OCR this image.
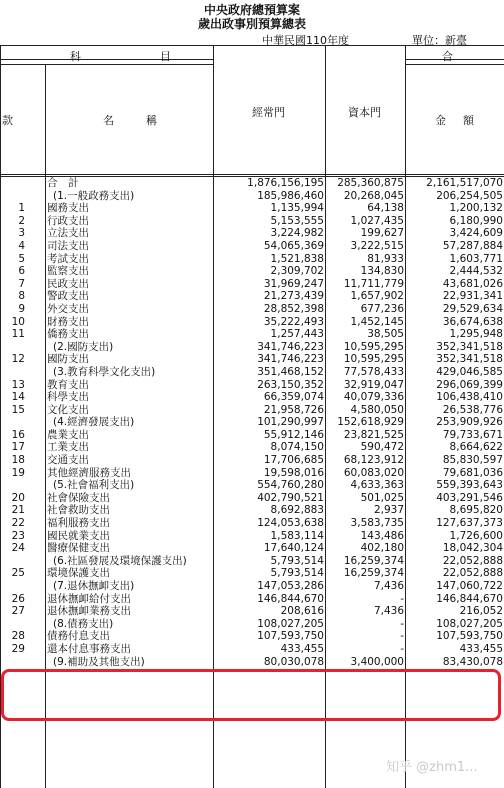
中央政府總預算案
歲出政事別預算總表
中華民國110年度	單位：新臺
科	目	合
款	名	稱
經常門	資本門
金 額
合　計	1,876,156,195 285,360,875 2,161,517,070
(1.一般政務支出)	185,986,460 20,268,045	206,254,505
1 國務支出	1,135,994	64,138	1,200,132
2 行政支出	5,153,555	1,027,435	6,180,990
3 立法支出	3,224,982	199,627	3,424,609
4 司法支出	54,065,369	3,222,515	57,287,884
5 考試支出	1,521,838	81,933	1,603,771
6 監察支出	2,309,702	134,830	2,444,532
7 民政支出	31,969,247 11,711,779	43,681,026
8 警政支出	21,273,439	1,657,902	22,931,341
9 外交支出	28,852,398	677,236	29,529,634
10 財務支出	35,222,493	1,452,145	36,674,638
11 僑務支出	1,257,443	38,505	1,295,948
(2.國防支出)	341,746,223 10,595,295	352,341,518
12 國防支出	341,746,223 10,595,295	352,341,518
(3.教育科學文化支出)	351,468,152 77,578,433	429,046,585
13 教育支出	263,150,352 32,919,047	296,069,399
14 科學支出	66,359,074 40,079,336	106,438,410
15 文化支出	21,958,726	4,580,050	26,538,776
(4.經濟發展支出)	101,290,997 152,618,929	253,909,926
16 農業支出	55,912,146 23,821,525	79,733,671
17 工業支出	8,074,150	590,472	8,664,622
18 交通支出	17,706,685 68,123,912	85,830,597
19 其他經濟服務支出	19,598,016 60,083,020	79,681,036
(5.社會福利支出)	554,760,280	4,633,363	559,393,643
20 社會保險支出	402,790,521	501,025	403,291,546
21 社會救助支出	8,692,883	2,937	8,695,820
22 福利服務支出	124,053,638	3,583,735	127,637,373
23 國民就業支出	1,583,114	143,486	1,726,600
24 醫療保健支出	17,640,124	402,180	18,042,304
(6.社區發展及環境保護支出)	5,793,514 16,259,374	22,052,888
25 環境保護支出	5,793,514 16,259,374	22,052,888
(7.退休撫卹支出)	147,053,286	7,436	147,060,722
26 退休撫卹給付支出	146,844,670	-	146,844,670
27 退休撫卹業務支出	208,616	7,436	216,052
(8.債務支出)	108,027,205	-	108,027,205
28 債務付息支出	107,593,750	-	107,593,750
29 還本付息事務支出	433,455	-	433,455
(9.補助及其他支出)	80,030,078	3,400,000	83,430,078
知乎 @zhm1...
